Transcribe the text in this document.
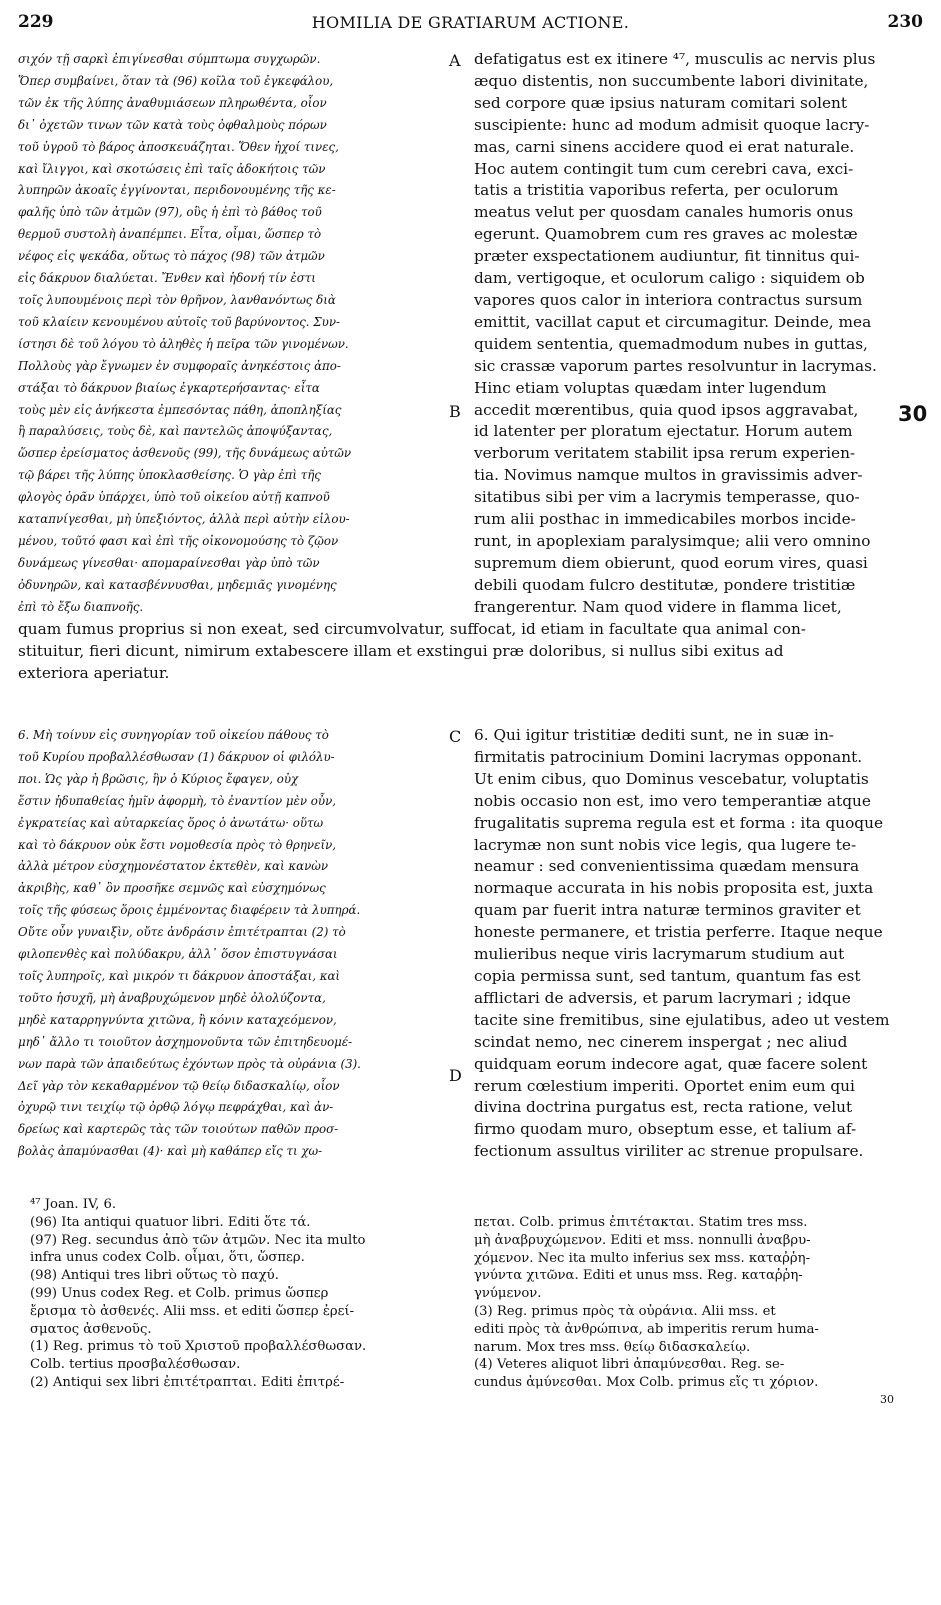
229	HOMILIA DE GRATIARUM ACTIONE.	230
A
B
C
D
30
σιχόν τῇ σαρκὶ ἐπιγίνεσθαι σύμπτωμα συγχωρῶν.
Ὅπερ συμβαίνει, ὅταν τὰ (96) κοῖλα τοῦ ἐγκεφάλου,
τῶν ἐκ τῆς λύπης ἀναθυμιάσεων πληρωθέντα, οἷον
δι᾽ ὀχετῶν τινων τῶν κατὰ τοὺς ὀφθαλμοὺς πόρων
τοῦ ὑγροῦ τὸ βάρος ἀποσκευάζηται. Ὅθεν ἠχοί τινες,
καὶ ἴλιγγοι, καὶ σκοτώσεις ἐπὶ ταῖς ἀδοκήτοις τῶν
λυπηρῶν ἀκοαῖς ἐγγίνονται, περιδονουμένης τῆς κε-
φαλῆς ὑπὸ τῶν ἀτμῶν (97), οὓς ἡ ἐπὶ τὸ βάθος τοῦ
θερμοῦ συστολὴ ἀναπέμπει. Εἶτα, οἶμαι, ὥσπερ τὸ
νέφος εἰς ψεκάδα, οὕτως τὸ πάχος (98) τῶν ἀτμῶν
εἰς δάκρυον διαλύεται. Ἔνθεν καὶ ἡδονή τίν ἐστι
τοῖς λυπουμένοις περὶ τὸν θρῆνον, λανθανόντως διὰ
τοῦ κλαίειν κενουμένου αὐτοῖς τοῦ βαρύνοντος. Συν-
ίστησι δὲ τοῦ λόγου τὸ ἀληθὲς ἡ πεῖρα τῶν γινομένων.
Πολλοὺς γὰρ ἔγνωμεν ἐν συμφοραῖς ἀνηκέστοις ἀπο-
στάξαι τὸ δάκρυον βιαίως ἐγκαρτερήσαντας· εἶτα
τοὺς μὲν εἰς ἀνήκεστα ἐμπεσόντας πάθη, ἀποπληξίας
ἢ παραλύσεις, τοὺς δὲ, καὶ παντελῶς ἀποψύξαντας,
ὥσπερ ἐρείσματος ἀσθενοῦς (99), τῆς δυνάμεως αὐτῶν
τῷ βάρει τῆς λύπης ὑποκλασθείσης. Ὁ γὰρ ἐπὶ τῆς
φλογὸς ὁρᾶν ὑπάρχει, ὑπὸ τοῦ οἰκείου αὐτῇ καπνοῦ
καταπνίγεσθαι, μὴ ὑπεξιόντος, ἀλλὰ περὶ αὐτὴν εἰλου-
μένου, τοῦτό φασι καὶ ἐπὶ τῆς οἰκονομούσης τὸ ζῷον
δυνάμεως γίνεσθαι· απομαραίνεσθαι γὰρ ὑπὸ τῶν
ὀδυνηρῶν, καὶ κατασβέννυσθαι, μηδεμιᾶς γινομένης
ἐπὶ τὸ ἔξω διαπνοῆς.
defatigatus est ex itinere ⁴⁷, musculis ac nervis plus
æquo distentis, non succumbente labori divinitate,
sed corpore quæ ipsius naturam comitari solent
suscipiente: hunc ad modum admisit quoque lacry-
mas, carni sinens accidere quod ei erat naturale.
Hoc autem contingit tum cum cerebri cava, exci-
tatis a tristitia vaporibus referta, per oculorum
meatus velut per quosdam canales humoris onus
egerunt. Quamobrem cum res graves ac molestæ
præter exspectationem audiuntur, fit tinnitus qui-
dam, vertigoque, et oculorum caligo : siquidem ob
vapores quos calor in interiora contractus sursum
emittit, vacillat caput et circumagitur. Deinde, mea
quidem sententia, quemadmodum nubes in guttas,
sic crassæ vaporum partes resolvuntur in lacrymas.
Hinc etiam voluptas quædam inter lugendum
accedit mœrentibus, quia quod ipsos aggravabat,
id latenter per ploratum ejectatur. Horum autem
verborum veritatem stabilit ipsa rerum experien-
tia. Novimus namque multos in gravissimis adver-
sitatibus sibi per vim a lacrymis temperasse, quo-
rum alii posthac in immedicabiles morbos incide-
runt, in apoplexiam paralysimque; alii vero omnino
supremum diem obierunt, quod eorum vires, quasi
debili quodam fulcro destitutæ, pondere tristitiæ
frangerentur. Nam quod videre in flamma licet,
quam fumus proprius si non exeat, sed circumvolvatur, suffocat, id etiam in facultate qua animal con-
stituitur, fieri dicunt, nimirum extabescere illam et exstingui præ doloribus, si nullus sibi exitus ad
exteriora aperiatur.
6. Μὴ τοίνυν εἰς συνηγορίαν τοῦ οἰκείου πάθους τὸ
τοῦ Κυρίου προβαλλέσθωσαν (1) δάκρυον οἱ φιλόλυ-
ποι. Ὡς γὰρ ἡ βρῶσις, ἣν ὁ Κύριος ἔφαγεν, οὐχ
ἔστιν ἡδυπαθείας ἡμῖν ἀφορμὴ, τὸ ἐναντίον μὲν οὖν,
ἐγκρατείας καὶ αὐταρκείας ὅρος ὁ ἀνωτάτω· οὕτω
καὶ τὸ δάκρυον οὐκ ἔστι νομοθεσία πρὸς τὸ θρηνεῖν,
ἀλλὰ μέτρον εὐσχημονέστατον ἐκτεθὲν, καὶ κανὼν
ἀκριβὴς, καθ᾽ ὃν προσῆκε σεμνῶς καὶ εὐσχημόνως
τοῖς τῆς φύσεως ὅροις ἐμμένοντας διαφέρειν τὰ λυπηρά.
Οὔτε οὖν γυναιξὶν, οὔτε ἀνδράσιν ἐπιτέτραπται (2) τὸ
φιλοπενθὲς καὶ πολύδακρυ, ἀλλ᾽ ὅσον ἐπιστυγνάσαι
τοῖς λυπηροῖς, καὶ μικρόν τι δάκρυον ἀποστάξαι, καὶ
τοῦτο ἡσυχῆ, μὴ ἀναβρυχώμενον μηδὲ ὀλολύζοντα,
μηδὲ καταρρηγνύντα χιτῶνα, ἢ κόνιν καταχεόμενον,
μηδ᾽ ἄλλο τι τοιοῦτον ἀσχημονοῦντα τῶν ἐπιτηδευομέ-
νων παρὰ τῶν ἀπαιδεύτως ἐχόντων πρὸς τὰ οὐράνια (3).
Δεῖ γὰρ τὸν κεκαθαρμένον τῷ θείῳ διδασκαλίῳ, οἷον
ὀχυρῷ τινι τειχίῳ τῷ ὀρθῷ λόγῳ πεφράχθαι, καὶ ἀν-
δρείως καὶ καρτερῶς τὰς τῶν τοιούτων παθῶν προσ-
βολὰς ἀπαμύνασθαι (4)· καὶ μὴ καθάπερ εἴς τι χω-
6. Qui igitur tristitiæ dediti sunt, ne in suæ in-
firmitatis patrocinium Domini lacrymas opponant.
Ut enim cibus, quo Dominus vescebatur, voluptatis
nobis occasio non est, imo vero temperantiæ atque
frugalitatis suprema regula est et forma : ita quoque
lacrymæ non sunt nobis vice legis, qua lugere te-
neamur : sed convenientissima quædam mensura
normaque accurata in his nobis proposita est, juxta
quam par fuerit intra naturæ terminos graviter et
honeste permanere, et tristia perferre. Itaque neque
mulieribus neque viris lacrymarum studium aut
copia permissa sunt, sed tantum, quantum fas est
afflictari de adversis, et parum lacrymari ; idque
tacite sine fremitibus, sine ejulatibus, adeo ut vestem
scindat nemo, nec cinerem inspergat ; nec aliud
quidquam eorum indecore agat, quæ facere solent
rerum cœlestium imperiti. Oportet enim eum qui
divina doctrina purgatus est, recta ratione, velut
firmo quodam muro, obseptum esse, et talium af-
fectionum assultus viriliter ac strenue propulsare.
⁴⁷ Joan. IV, 6.
(96) Ita antiqui quatuor libri. Editi ὅτε τά.
(97) Reg. secundus ἀπὸ τῶν ἀτμῶν. Nec ita multo
infra unus codex Colb. οἶμαι, ὅτι, ὥσπερ.
(98) Antiqui tres libri οὕτως τὸ παχύ.
(99) Unus codex Reg. et Colb. primus ὥσπερ
ἔρισμα τὸ ἀσθενές. Alii mss. et editi ὥσπερ ἐρεί-
σματος ἀσθενοῦς.
(1) Reg. primus τὸ τοῦ Χριστοῦ προβαλλέσθωσαν.
Colb. tertius προσβαλέσθωσαν.
(2) Antiqui sex libri ἐπιτέτραπται. Editi ἐπιτρέ-
πεται. Colb. primus ἐπιτέτακται. Statim tres mss.
μὴ ἀναβρυχώμενον. Editi et mss. nonnulli ἀναβρυ-
χόμενον. Nec ita multo inferius sex mss. καταῤῥη-
γνύντα χιτῶνα. Editi et unus mss. Reg. καταῤῥη-
γνύμενον.
(3) Reg. primus πρὸς τὰ οὐράνια. Alii mss. et
editi πρὸς τὰ ἀνθρώπινα, ab imperitis rerum huma-
narum. Mox tres mss. θείῳ διδασκαλείῳ.
(4) Veteres aliquot libri ἀπαμύνεσθαι. Reg. se-
cundus ἀμύνεσθαι. Mox Colb. primus εἴς τι χόριον.
30
